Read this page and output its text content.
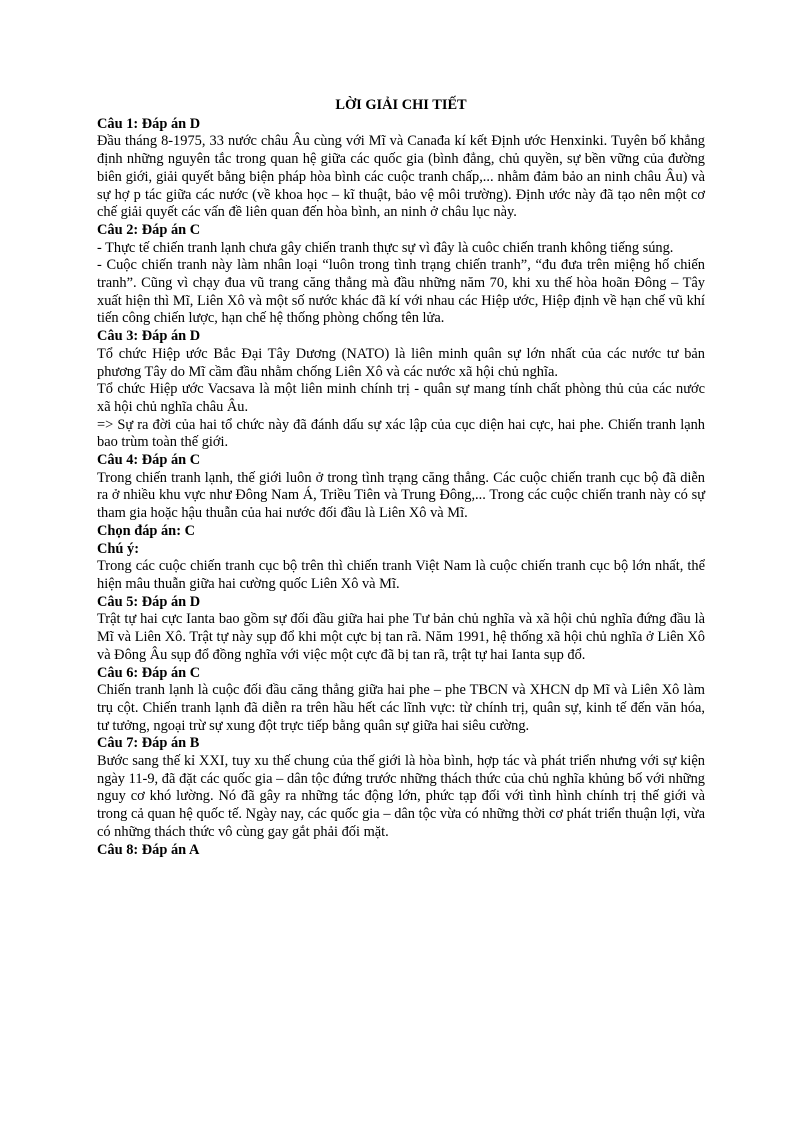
LỜI GIẢI CHI TIẾT
Câu 1: Đáp án D
Đầu tháng 8-1975, 33 nước châu Âu cùng với Mĩ và Canađa kí kết Định ước Henxinki. Tuyên bố khẳng định những nguyên tắc trong quan hệ giữa các quốc gia (bình đẳng, chủ quyền, sự bền vững của đường biên giới, giải quyết bằng biện pháp hòa bình các cuộc tranh chấp,... nhằm đảm bảo an ninh châu Âu) và sự hợ p tác giữa các nước (về khoa học – kĩ thuật, bảo vệ môi trường). Định ước này đã tạo nên một cơ chế giải quyết các vấn đề liên quan đến hòa bình, an ninh ở châu lục này.
Câu 2: Đáp án C
- Thực tế chiến tranh lạnh chưa gây chiến tranh thực sự vì đây là cuôc chiến tranh không tiếng súng.
- Cuộc chiến tranh này làm nhân loại “luôn trong tình trạng chiến tranh”, “đu đưa trên miệng hố chiến tranh”. Cũng vì chạy đua vũ trang căng thẳng mà đầu những năm 70, khi xu thế hòa hoãn Đông – Tây xuất hiện thì Mĩ, Liên Xô và một số nước khác đã kí với nhau các Hiệp ước, Hiệp định về hạn chế vũ khí tiến công chiến lược, hạn chế hệ thống phòng chống tên lửa.
Câu 3: Đáp án D
Tổ chức Hiệp ước Bắc Đại Tây Dương (NATO) là liên minh quân sự lớn nhất của các nước tư bản phương Tây do Mĩ cầm đầu nhằm chống Liên Xô và các nước xã hội chủ nghĩa.
Tổ chức Hiệp ước Vacsava là một liên minh chính trị - quân sự mang tính chất phòng thủ của các nước xã hội chủ nghĩa châu Âu.
=> Sự ra đời của hai tổ chức này đã đánh dấu sự xác lập của cục diện hai cực, hai phe. Chiến tranh lạnh bao trùm toàn thế giới.
Câu 4: Đáp án C
Trong chiến tranh lạnh, thế giới luôn ở trong tình trạng căng thẳng. Các cuộc chiến tranh cục bộ đã diễn ra ở nhiều khu vực như Đông Nam Á, Triều Tiên và Trung Đông,... Trong các cuộc chiến tranh này có sự tham gia hoặc hậu thuẫn của hai nước đối đầu là Liên Xô và Mĩ.
Chọn đáp án: C
Chú ý:
Trong các cuộc chiến tranh cục bộ trên thì chiến tranh Việt Nam là cuộc chiến tranh cục bộ lớn nhất, thể hiện mâu thuẫn giữa hai cường quốc Liên Xô và Mĩ.
Câu 5: Đáp án D
Trật tự hai cực Ianta bao gồm sự đối đầu giữa hai phe Tư bản chủ nghĩa và xã hội chủ nghĩa đứng đầu là Mĩ và Liên Xô. Trật tự này sụp đổ khi một cực bị tan rã. Năm 1991, hệ thống xã hội chủ nghĩa ở Liên Xô và Đông Âu sụp đổ đồng nghĩa với việc một cực đã bị tan rã, trật tự hai Ianta sụp đổ.
Câu 6: Đáp án C
Chiến tranh lạnh là cuộc đối đầu căng thẳng giữa hai phe – phe TBCN và XHCN dp Mĩ và Liên Xô làm trụ cột. Chiến tranh lạnh đã diễn ra trên hầu hết các lĩnh vực: từ chính trị, quân sự, kinh tế đến văn hóa, tư tưởng, ngoại trừ sự xung đột trực tiếp bằng quân sự giữa hai siêu cường.
Câu 7: Đáp án B
Bước sang thế kỉ XXI, tuy xu thế chung của thế giới là hòa bình, hợp tác và phát triển nhưng với sự kiện ngày 11-9, đã đặt các quốc gia – dân tộc đứng trước những thách thức của chủ nghĩa khủng bố với những nguy cơ khó lường. Nó đã gây ra những tác động lớn, phức tạp đối với tình hình chính trị thế giới và trong cả quan hệ quốc tế. Ngày nay, các quốc gia – dân tộc vừa có những thời cơ phát triển thuận lợi, vừa có những thách thức vô cùng gay gắt phải đối mặt.
Câu 8: Đáp án A
